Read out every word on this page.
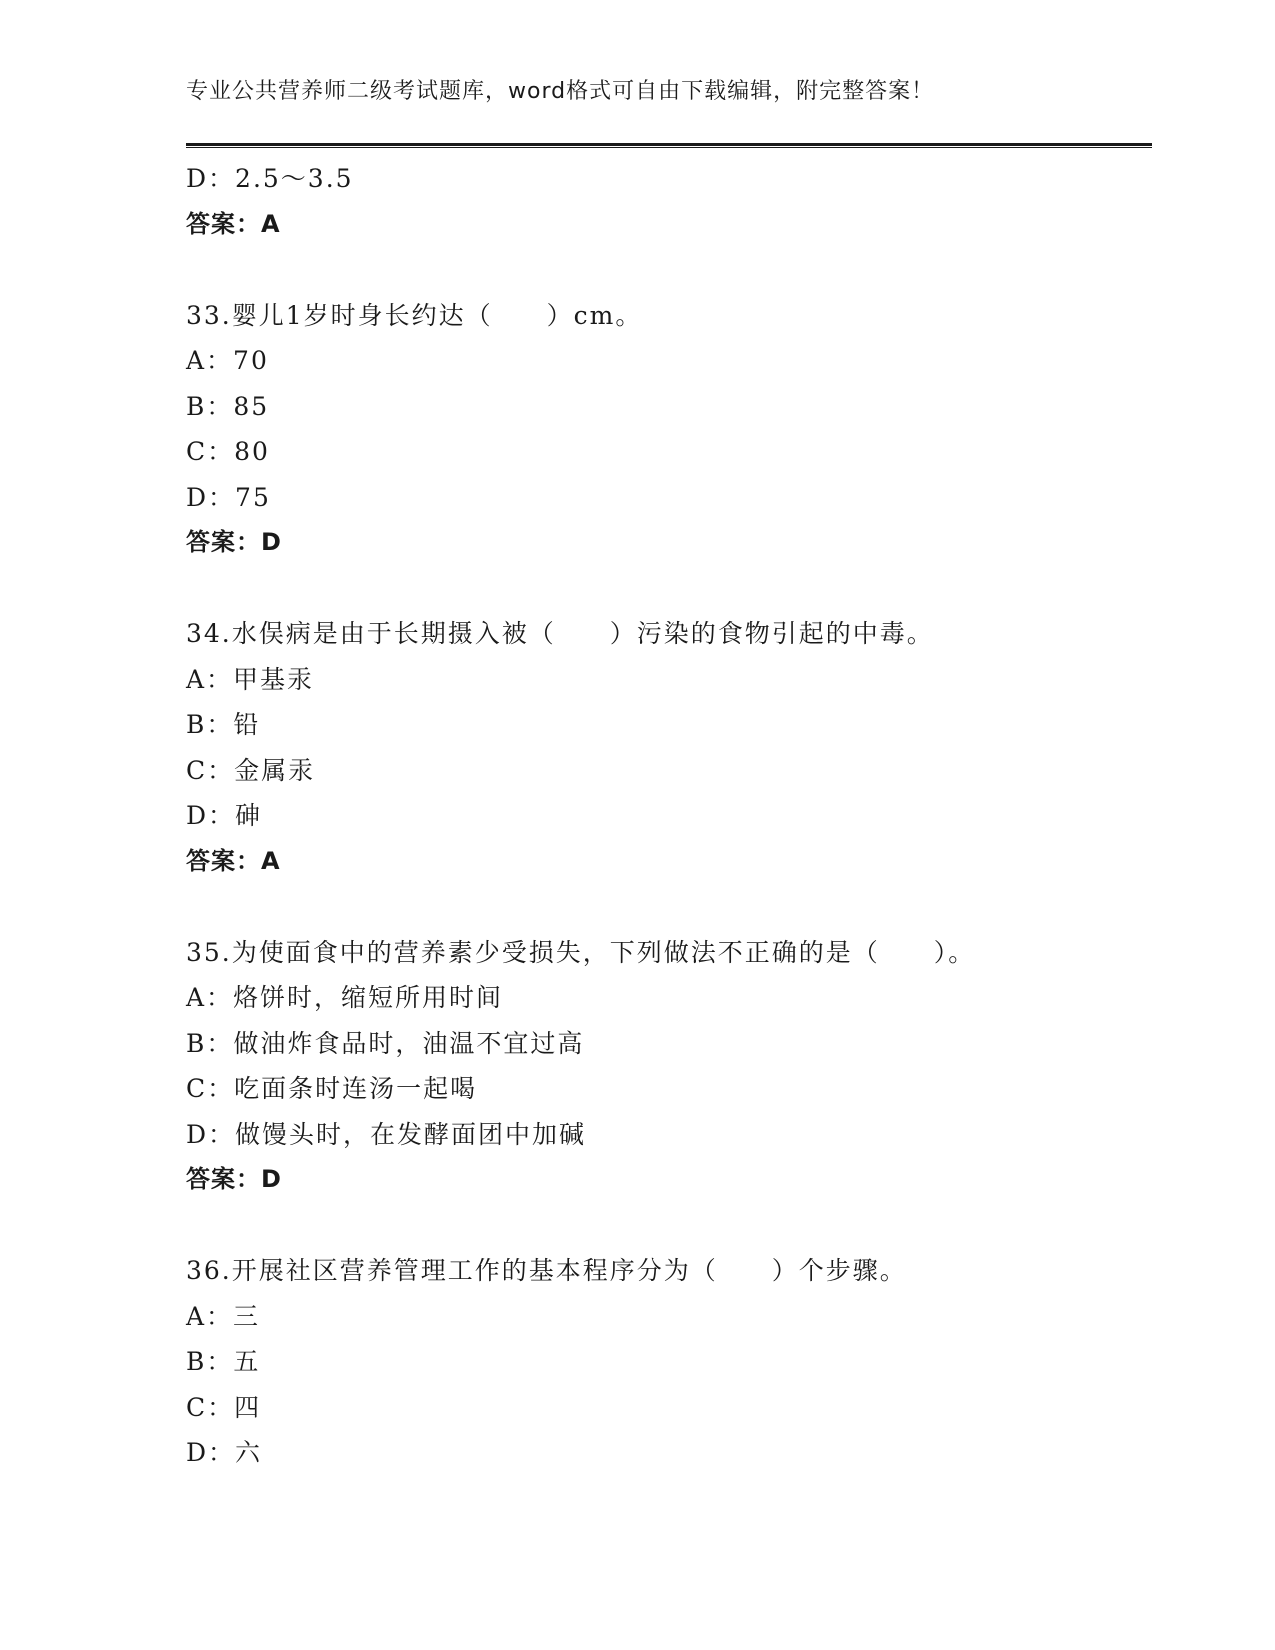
专业公共营养师二级考试题库，word格式可自由下载编辑，附完整答案！
D：2.5～3.5
答案：A
33.婴儿1岁时身长约达（　　）cm。
A：70
B：85
C：80
D：75
答案：D
34.水俣病是由于长期摄入被（　　）污染的食物引起的中毒。
A：甲基汞
B：铅
C：金属汞
D：砷
答案：A
35.为使面食中的营养素少受损失，下列做法不正确的是（　　）。
A：烙饼时，缩短所用时间
B：做油炸食品时，油温不宜过高
C：吃面条时连汤一起喝
D：做馒头时，在发酵面团中加碱
答案：D
36.开展社区营养管理工作的基本程序分为（　　）个步骤。
A：三
B：五
C：四
D：六
